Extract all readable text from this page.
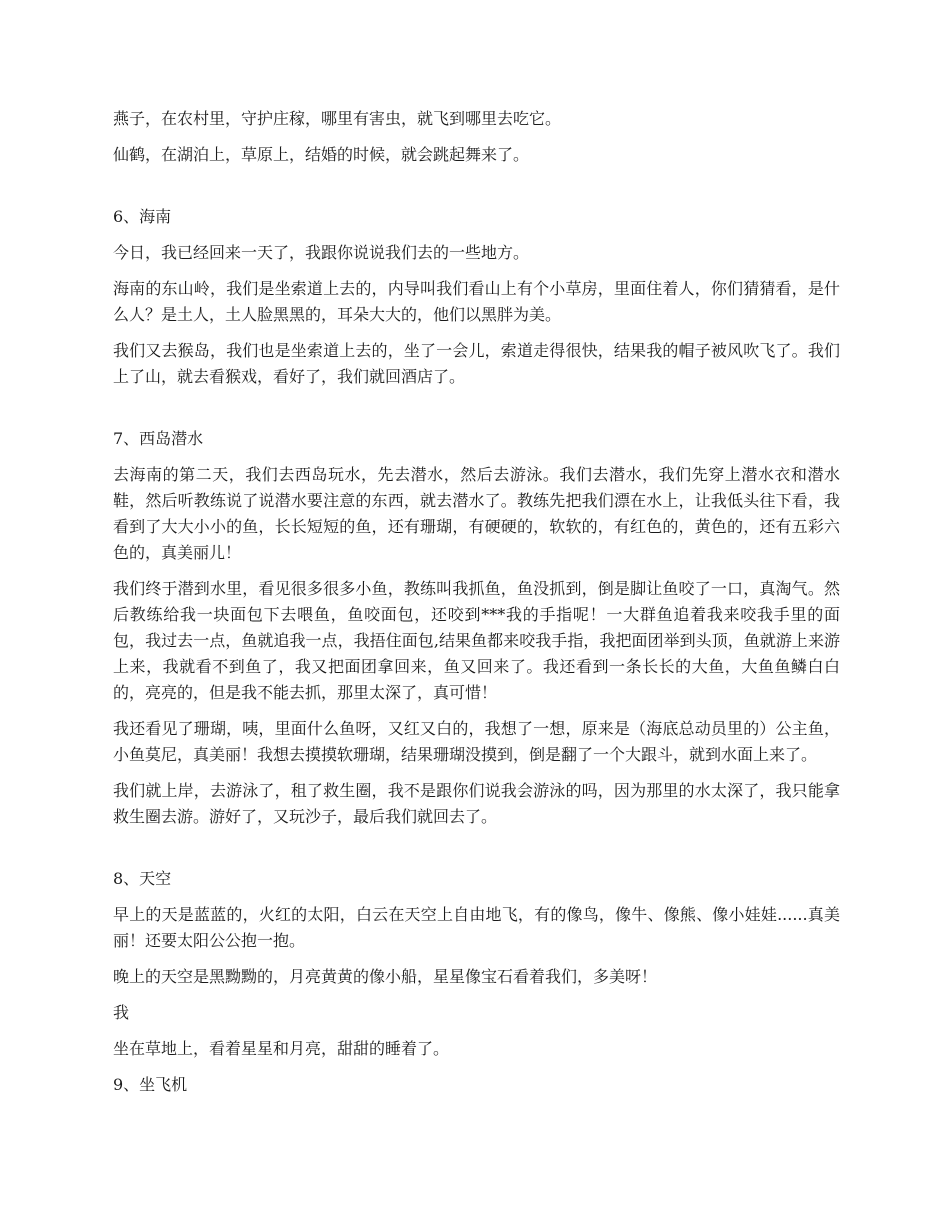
燕子，在农村里，守护庄稼，哪里有害虫，就飞到哪里去吃它。

仙鹤，在湖泊上，草原上，结婚的时候，就会跳起舞来了。

6、海南

今日，我已经回来一天了，我跟你说说我们去的一些地方。

海南的东山岭，我们是坐索道上去的，内导叫我们看山上有个小草房，里面住着人，你们猜猜看，是什么人？是土人，土人脸黑黑的，耳朵大大的，他们以黑胖为美。

我们又去猴岛，我们也是坐索道上去的，坐了一会儿，索道走得很快，结果我的帽子被风吹飞了。我们上了山，就去看猴戏，看好了，我们就回酒店了。

7、西岛潜水

去海南的第二天，我们去西岛玩水，先去潜水，然后去游泳。我们去潜水，我们先穿上潜水衣和潜水鞋，然后听教练说了说潜水要注意的东西，就去潜水了。教练先把我们漂在水上，让我低头往下看，我看到了大大小小的鱼，长长短短的鱼，还有珊瑚，有硬硬的，软软的，有红色的，黄色的，还有五彩六色的，真美丽儿！

我们终于潜到水里，看见很多很多小鱼，教练叫我抓鱼，鱼没抓到，倒是脚让鱼咬了一口，真淘气。然后教练给我一块面包下去喂鱼，鱼咬面包，还咬到***我的手指呢！一大群鱼追着我来咬我手里的面包，我过去一点，鱼就追我一点，我捂住面包,结果鱼都来咬我手指，我把面团举到头顶，鱼就游上来游上来，我就看不到鱼了，我又把面团拿回来，鱼又回来了。我还看到一条长长的大鱼，大鱼鱼鳞白白的，亮亮的，但是我不能去抓，那里太深了，真可惜！

我还看见了珊瑚，咦，里面什么鱼呀，又红又白的，我想了一想，原来是（海底总动员里的）公主鱼，小鱼莫尼，真美丽！我想去摸摸软珊瑚，结果珊瑚没摸到，倒是翻了一个大跟斗，就到水面上来了。

我们就上岸，去游泳了，租了救生圈，我不是跟你们说我会游泳的吗，因为那里的水太深了，我只能拿救生圈去游。游好了，又玩沙子，最后我们就回去了。

8、天空

早上的天是蓝蓝的，火红的太阳，白云在天空上自由地飞，有的像鸟，像牛、像熊、像小娃娃......真美丽！还要太阳公公抱一抱。

晚上的天空是黑黝黝的，月亮黄黄的像小船，星星像宝石看着我们，多美呀！

我

坐在草地上，看着星星和月亮，甜甜的睡着了。

9、坐飞机
